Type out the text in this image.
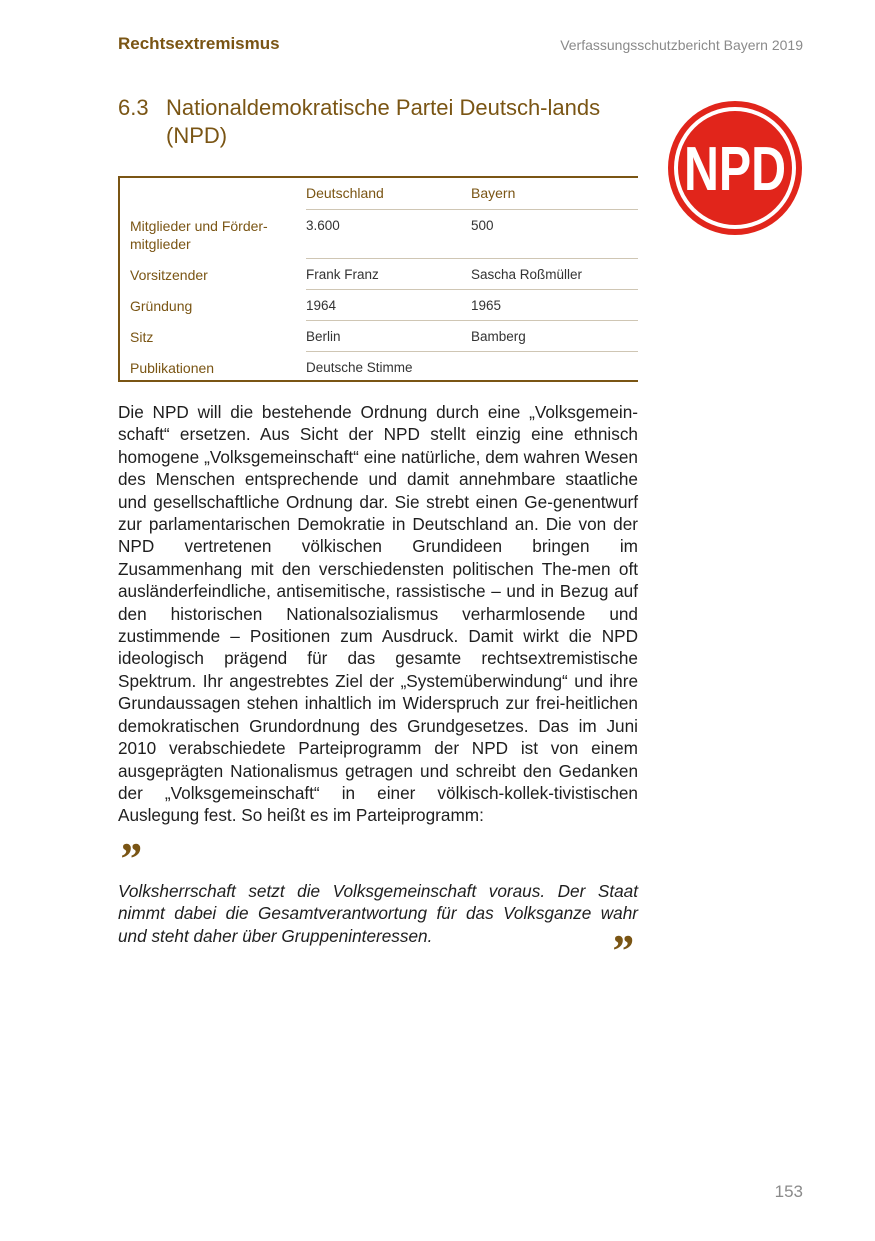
Rechtsextremismus	Verfassungsschutzbericht Bayern 2019
6.3 Nationaldemokratische Partei Deutsch-lands (NPD)	NPD
	Deutschland	Bayern
Mitglieder und Förder-mitglieder	3.600	500
Vorsitzender	Frank Franz	Sascha Roßmüller
Gründung	1964	1965
Sitz	Berlin	Bamberg
Publikationen	Deutsche Stimme	

Die NPD will die bestehende Ordnung durch eine „Volksgemein-schaft“ ersetzen. Aus Sicht der NPD stellt einzig eine ethnisch homogene „Volksgemeinschaft“ eine natürliche, dem wahren Wesen des Menschen entsprechende und damit annehmbare staatliche und gesellschaftliche Ordnung dar. Sie strebt einen Ge-genentwurf zur parlamentarischen Demokratie in Deutschland an. Die von der NPD vertretenen völkischen Grundideen bringen im Zusammenhang mit den verschiedensten politischen The-men oft ausländerfeindliche, antisemitische, rassistische – und in Bezug auf den historischen Nationalsozialismus verharmlosende und zustimmende – Positionen zum Ausdruck. Damit wirkt die NPD ideologisch prägend für das gesamte rechtsextremistische Spektrum. Ihr angestrebtes Ziel der „Systemüberwindung“ und ihre Grundaussagen stehen inhaltlich im Widerspruch zur frei-heitlichen demokratischen Grundordnung des Grundgesetzes. Das im Juni 2010 verabschiedete Parteiprogramm der NPD ist von einem ausgeprägten Nationalismus getragen und schreibt den Gedanken der „Volksgemeinschaft“ in einer völkisch-kollek-tivistischen Auslegung fest. So heißt es im Parteiprogramm:

”

Volksherrschaft setzt die Volksgemeinschaft voraus. Der Staat nimmt dabei die Gesamtverantwortung für das Volksganze wahr und steht daher über Gruppeninteressen.	”
153
